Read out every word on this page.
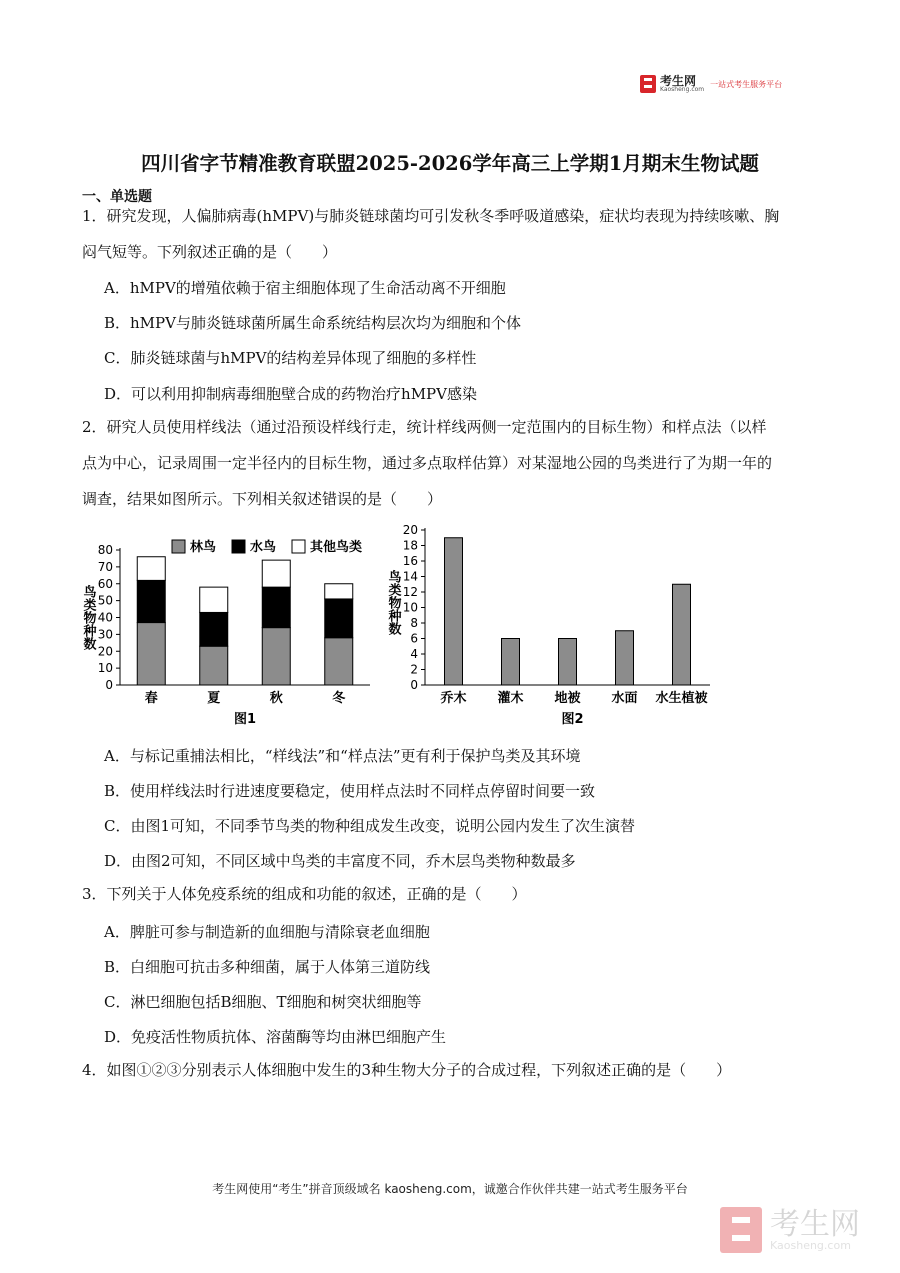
考生网
Kaosheng.com
一站式考生服务平台
四川省字节精准教育联盟2025-2026学年高三上学期1月期末生物试题
一、单选题
1．研究发现，人偏肺病毒(hMPV)与肺炎链球菌均可引发秋冬季呼吸道感染，症状均表现为持续咳嗽、胸
闷气短等。下列叙述正确的是（　　）
A．hMPV的增殖依赖于宿主细胞体现了生命活动离不开细胞
B．hMPV与肺炎链球菌所属生命系统结构层次均为细胞和个体
C．肺炎链球菌与hMPV的结构差异体现了细胞的多样性
D．可以利用抑制病毒细胞壁合成的药物治疗hMPV感染
2．研究人员使用样线法（通过沿预设样线行走，统计样线两侧一定范围内的目标生物）和样点法（以样
点为中心，记录周围一定半径内的目标生物，通过多点取样估算）对某湿地公园的鸟类进行了为期一年的
调查，结果如图所示。下列相关叙述错误的是（　　）
0
10
20
30
40
50
60
70
80
鸟类物种数
春	夏	秋	冬
图1
林鸟	水鸟	其他鸟类
0
2
4
6
8
10
12
14
16
18
20
鸟类物种数
乔木 灌木 地被 水面 水生植被
图2
A．与标记重捕法相比，“样线法”和“样点法”更有利于保护鸟类及其环境
B．使用样线法时行进速度要稳定，使用样点法时不同样点停留时间要一致
C．由图1可知，不同季节鸟类的物种组成发生改变，说明公园内发生了次生演替
D．由图2可知，不同区域中鸟类的丰富度不同，乔木层鸟类物种数最多
3．下列关于人体免疫系统的组成和功能的叙述，正确的是（　　）
A．脾脏可参与制造新的血细胞与清除衰老血细胞
B．白细胞可抗击多种细菌，属于人体第三道防线
C．淋巴细胞包括B细胞、T细胞和树突状细胞等
D．免疫活性物质抗体、溶菌酶等均由淋巴细胞产生
4．如图①②③分别表示人体细胞中发生的3种生物大分子的合成过程，下列叙述正确的是（　　）
考生网使用“考生”拼音顶级域名 kaosheng.com，诚邀合作伙伴共建一站式考生服务平台
考生网
Kaosheng.com
